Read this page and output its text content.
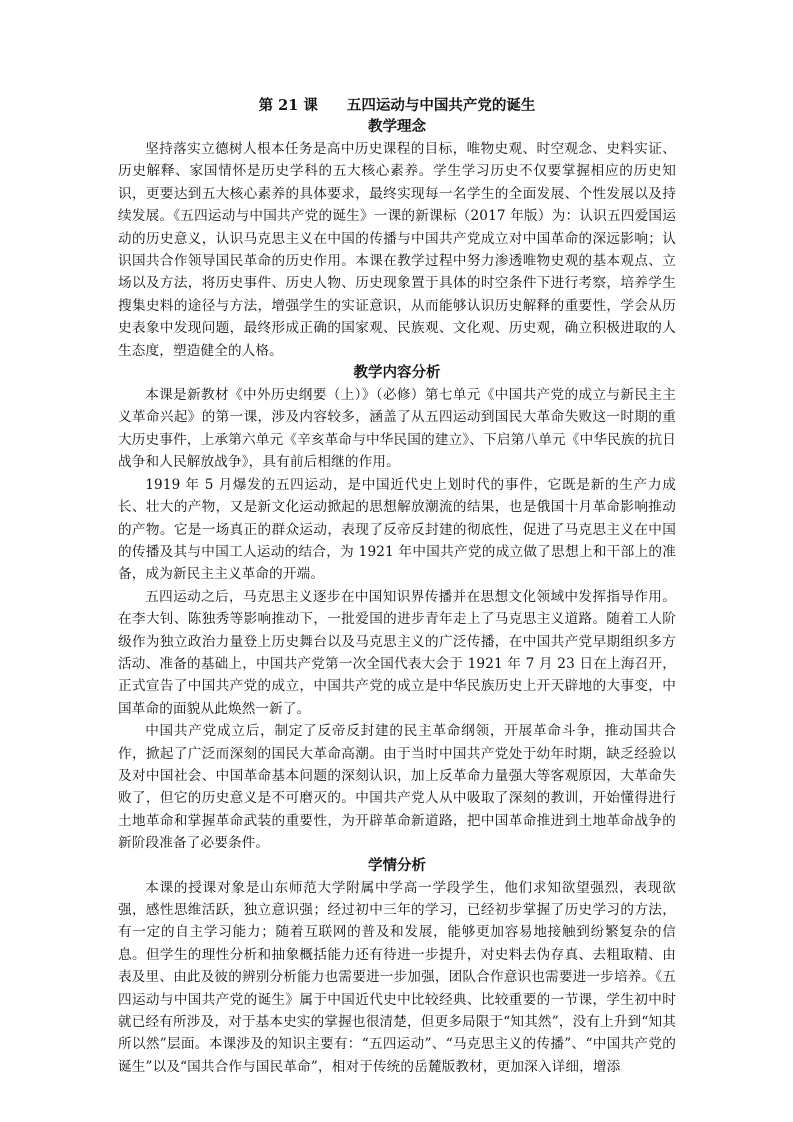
第 21 课　　五四运动与中国共产党的诞生
教学理念

坚持落实立德树人根本任务是高中历史课程的目标，唯物史观、时空观念、史料实证、历史解释、家国情怀是历史学科的五大核心素养。学生学习历史不仅要掌握相应的历史知识，更要达到五大核心素养的具体要求，最终实现每一名学生的全面发展、个性发展以及持续发展。《五四运动与中国共产党的诞生》一课的新课标（2017 年版）为：认识五四爱国运动的历史意义，认识马克思主义在中国的传播与中国共产党成立对中国革命的深远影响；认识国共合作领导国民革命的历史作用。本课在教学过程中努力渗透唯物史观的基本观点、立场以及方法，将历史事件、历史人物、历史现象置于具体的时空条件下进行考察，培养学生搜集史料的途径与方法，增强学生的实证意识，从而能够认识历史解释的重要性，学会从历史表象中发现问题，最终形成正确的国家观、民族观、文化观、历史观，确立积极进取的人生态度，塑造健全的人格。

教学内容分析

本课是新教材《中外历史纲要（上）》（必修）第七单元《中国共产党的成立与新民主主义革命兴起》的第一课，涉及内容较多，涵盖了从五四运动到国民大革命失败这一时期的重大历史事件，上承第六单元《辛亥革命与中华民国的建立》、下启第八单元《中华民族的抗日战争和人民解放战争》，具有前后相继的作用。

1919 年 5 月爆发的五四运动，是中国近代史上划时代的事件，它既是新的生产力成长、壮大的产物，又是新文化运动掀起的思想解放潮流的结果，也是俄国十月革命影响推动的产物。它是一场真正的群众运动，表现了反帝反封建的彻底性，促进了马克思主义在中国的传播及其与中国工人运动的结合，为 1921 年中国共产党的成立做了思想上和干部上的准备，成为新民主主义革命的开端。

五四运动之后，马克思主义逐步在中国知识界传播并在思想文化领域中发挥指导作用。在李大钊、陈独秀等影响推动下，一批爱国的进步青年走上了马克思主义道路。随着工人阶级作为独立政治力量登上历史舞台以及马克思主义的广泛传播，在中国共产党早期组织多方活动、准备的基础上，中国共产党第一次全国代表大会于 1921 年 7 月 23 日在上海召开，正式宣告了中国共产党的成立，中国共产党的成立是中华民族历史上开天辟地的大事变，中国革命的面貌从此焕然一新了。

中国共产党成立后，制定了反帝反封建的民主革命纲领，开展革命斗争，推动国共合作，掀起了广泛而深刻的国民大革命高潮。由于当时中国共产党处于幼年时期，缺乏经验以及对中国社会、中国革命基本问题的深刻认识，加上反革命力量强大等客观原因，大革命失败了，但它的历史意义是不可磨灭的。中国共产党人从中吸取了深刻的教训，开始懂得进行土地革命和掌握革命武装的重要性，为开辟革命新道路，把中国革命推进到土地革命战争的新阶段准备了必要条件。

学情分析

本课的授课对象是山东师范大学附属中学高一学段学生，他们求知欲望强烈，表现欲强，感性思维活跃，独立意识强；经过初中三年的学习，已经初步掌握了历史学习的方法，有一定的自主学习能力；随着互联网的普及和发展，能够更加容易地接触到纷繁复杂的信息。但学生的理性分析和抽象概括能力还有待进一步提升，对史料去伪存真、去粗取精、由表及里、由此及彼的辨别分析能力也需要进一步加强，团队合作意识也需要进一步培养。《五四运动与中国共产党的诞生》属于中国近代史中比较经典、比较重要的一节课，学生初中时就已经有所涉及，对于基本史实的掌握也很清楚，但更多局限于“知其然”，没有上升到“知其所以然”层面。本课涉及的知识主要有：“五四运动”、“马克思主义的传播”、“中国共产党的诞生”以及“国共合作与国民革命”，相对于传统的岳麓版教材，更加深入详细，增添
